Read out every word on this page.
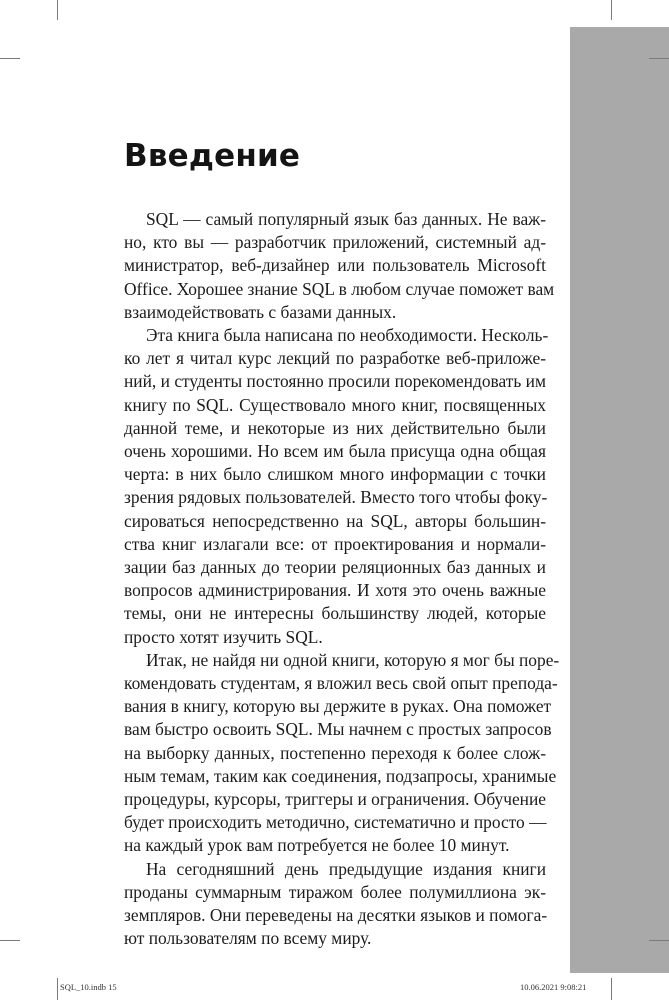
Введение

SQL — самый популярный язык баз данных. Не важ-
но, кто вы — разработчик приложений, системный ад-
министратор, веб-дизайнер или пользователь Microsoft
Office. Хорошее знание SQL в любом случае поможет вам
взаимодействовать с базами данных.

Эта книга была написана по необходимости. Несколь-
ко лет я читал курс лекций по разработке веб-приложе-
ний, и студенты постоянно просили порекомендовать им
книгу по SQL. Существовало много книг, посвященных
данной теме, и некоторые из них действительно были
очень хорошими. Но всем им была присуща одна общая
черта: в них было слишком много информации с точки
зрения рядовых пользователей. Вместо того чтобы фоку-
сироваться непосредственно на SQL, авторы большин-
ства книг излагали все: от проектирования и нормали-
зации баз данных до теории реляционных баз данных и
вопросов администрирования. И хотя это очень важные
темы, они не интересны большинству людей, которые
просто хотят изучить SQL.

Итак, не найдя ни одной книги, которую я мог бы поре-
комендовать студентам, я вложил весь свой опыт препода-
вания в книгу, которую вы держите в руках. Она поможет
вам быстро освоить SQL. Мы начнем с простых запросов
на выборку данных, постепенно переходя к более слож-
ным темам, таким как соединения, подзапросы, хранимые
процедуры, курсоры, триггеры и ограничения. Обучение
будет происходить методично, систематично и просто —
на каждый урок вам потребуется не более 10 минут.

На сегодняшний день предыдущие издания книги
проданы суммарным тиражом более полумиллиона эк-
земпляров. Они переведены на десятки языков и помога-
ют пользователям по всему миру.

SQL_10.indb 15	10.06.2021 9:08:21
